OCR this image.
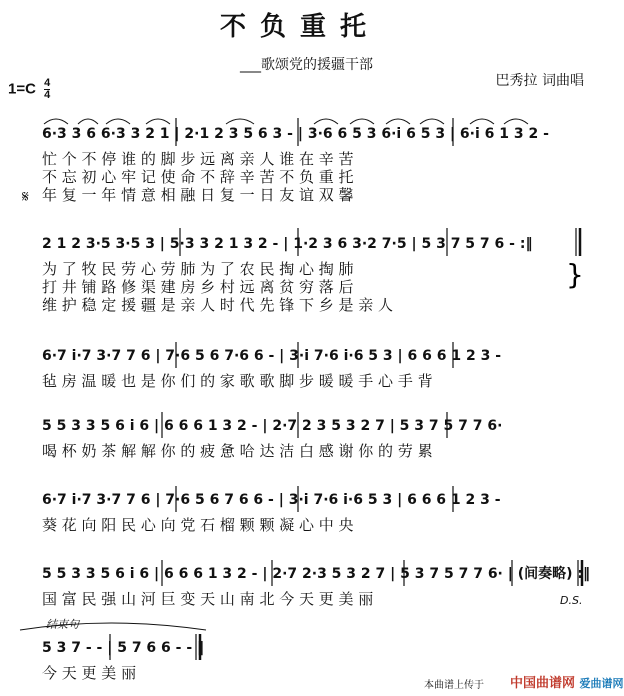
不负重托
___歌颂党的援疆干部
$1=C \frac{4}{4}$	巴秀拉 词曲唱
6·3 3 6 6·3 3 2 1 | 2·1 2 3 5 6 3 - | 3·6 6 5 3 6·i 6 5 3 | 6·i 6 1 3 2 -
2 1 2 3·5 3·5 3 | 5·3 3 2 1 3 2 - | 1·2 3 6 3·2 7·5 | 5 3 7 5 7 6 - :‖
6·7 i·7 3·7 7 6 | 7·6 5 6 7·6 6 - | 3·i 7·6 i·6 5 3 | 6 6 6 1 2 3 -
5 5 3 3 5 6 i 6 | 6 6 6 1 3 2 - | 2·7 2 3 5 3 2 7 | 5 3 7 5 7 7 6·
6·7 i·7 3·7 7 6 | 7·6 5 6 7 6 6 - | 3·i 7·6 i·6 5 3 | 6 6 6 1 2 3 -
5 5 3 3 5 6 i 6 | 6 6 6 1 3 2 - | 2·7 2·3 5 3 2 7 | 5 3 7 5 7 7 6· | (间奏略) :‖
5 3 7 - - | 5 7 6 6 - - ‖
忙 个 不 停 谁 的 脚 步 远 离 亲 人 谁 在 辛 苦
不 忘 初 心 牢 记 使 命 不 辞 辛 苦 不 负 重 托
年 复 一 年 情 意 相 融 日 复 一 日 友 谊 双 馨
为 了 牧 民 劳 心 劳 肺 为 了 农 民 掏 心 掏 肺
打 井 铺 路 修 渠 建 房 乡 村 远 离 贫 穷 落 后
维 护 稳 定 援 疆 是 亲 人 时 代 先 锋 下 乡 是 亲 人
毡 房 温 暖 也 是 你 们 的 家 歌 歌 脚 步 暖 暖 手 心 手 背
喝 杯 奶 茶 解 解 你 的 疲 惫 哈 达 洁 白 感 谢 你 的 劳 累
葵 花 向 阳 民 心 向 党 石 榴 颗 颗 凝 心 中 央
国 富 民 强 山 河 巨 变 天 山 南 北 今 天 更 美 丽
今 天 更 美 丽
𝄋
D.S.
结束句
}
本曲谱上传于 中国曲谱网 爱曲谱网
